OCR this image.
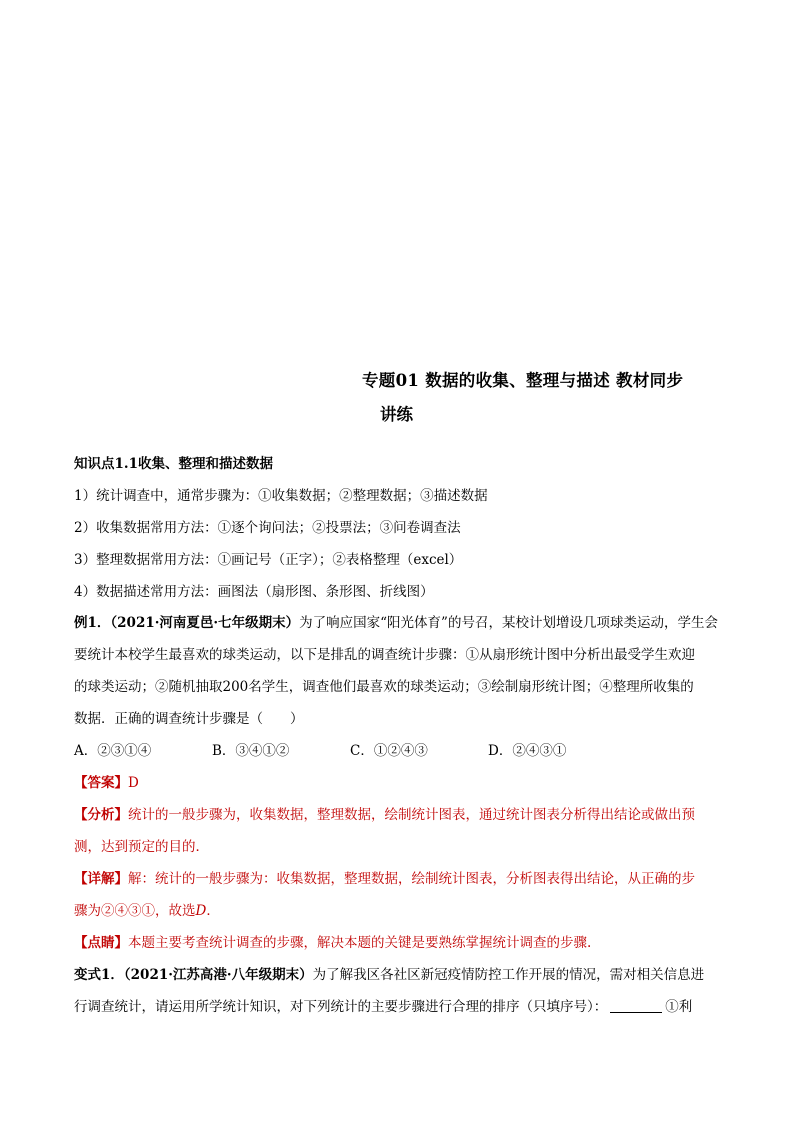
专题01 数据的收集、整理与描述 教材同步
讲练
知识点1.1收集、整理和描述数据
1）统计调查中，通常步骤为：①收集数据；②整理数据；③描述数据
2）收集数据常用方法：①逐个询问法；②投票法；③问卷调查法
3）整理数据常用方法：①画记号（正字）；②表格整理（excel）
4）数据描述常用方法：画图法（扇形图、条形图、折线图）
例1．（2021·河南夏邑·七年级期末）为了响应国家“阳光体育”的号召，某校计划增设几项球类运动，学生会
要统计本校学生最喜欢的球类运动，以下是排乱的调查统计步骤：①从扇形统计图中分析出最受学生欢迎
的球类运动；②随机抽取200名学生，调查他们最喜欢的球类运动；③绘制扇形统计图；④整理所收集的
数据．正确的调查统计步骤是（　　）
A．②③①④	B．③④①②	C．①②④③	D．②④③①
【答案】D
【分析】统计的一般步骤为，收集数据，整理数据，绘制统计图表，通过统计图表分析得出结论或做出预
测，达到预定的目的．
【详解】解：统计的一般步骤为：收集数据，整理数据，绘制统计图表，分析图表得出结论，从正确的步
骤为②④③①，故选D．
【点睛】本题主要考查统计调查的步骤，解决本题的关键是要熟练掌握统计调查的步骤.
变式1．（2021·江苏高港·八年级期末）为了解我区各社区新冠疫情防控工作开展的情况，需对相关信息进
行调查统计，请运用所学统计知识，对下列统计的主要步骤进行合理的排序（只填序号）：	①利
